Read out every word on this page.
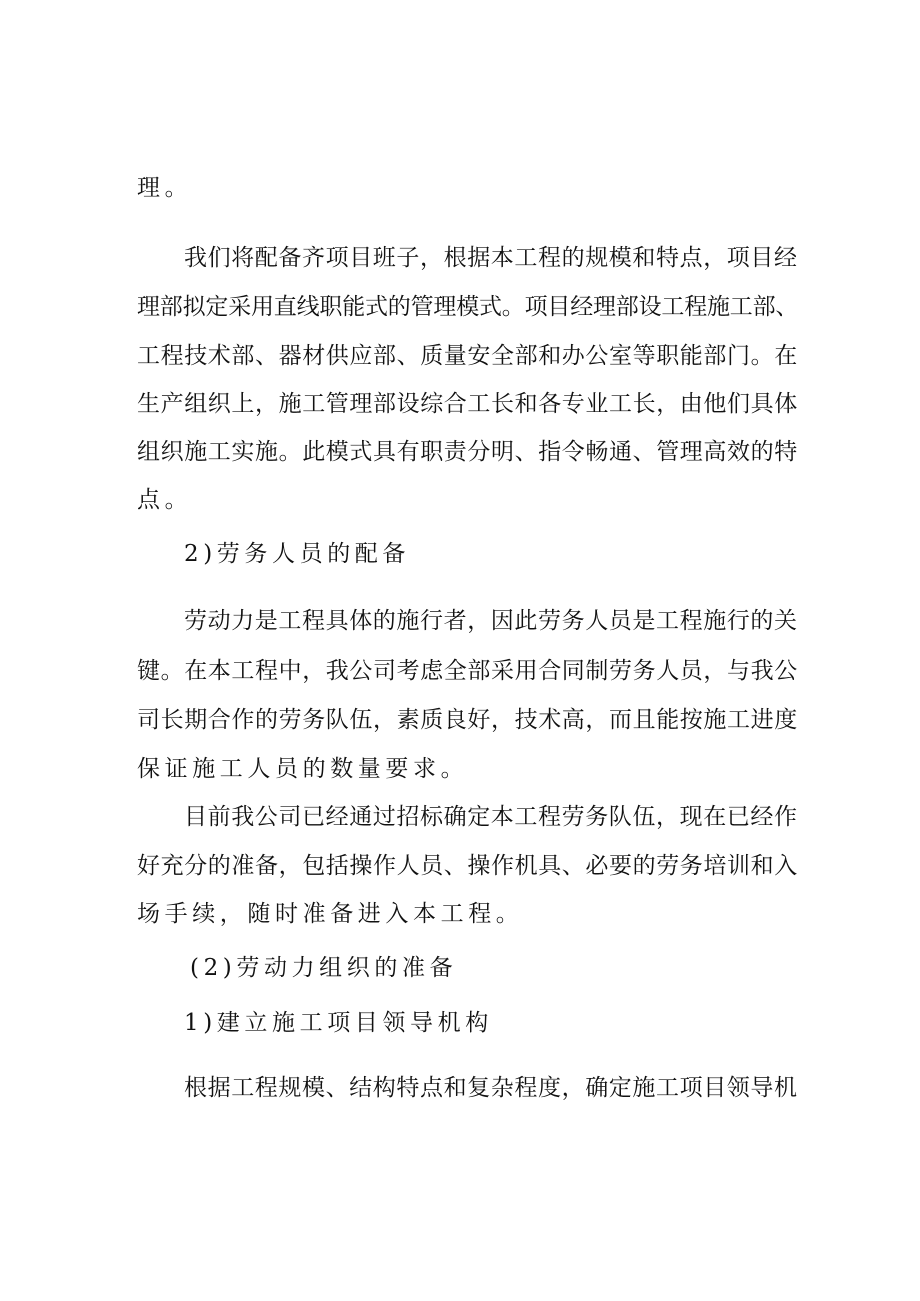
理。
我们将配备齐项目班子，根据本工程的规模和特点，项目经
理部拟定采用直线职能式的管理模式。项目经理部设工程施工部、
工程技术部、器材供应部、质量安全部和办公室等职能部门。在
生产组织上，施工管理部设综合工长和各专业工长，由他们具体
组织施工实施。此模式具有职责分明、指令畅通、管理高效的特
点。
2)劳务人员的配备
劳动力是工程具体的施行者，因此劳务人员是工程施行的关
键。在本工程中，我公司考虑全部采用合同制劳务人员，与我公
司长期合作的劳务队伍，素质良好，技术高，而且能按施工进度
保证施工人员的数量要求。
目前我公司已经通过招标确定本工程劳务队伍，现在已经作
好充分的准备，包括操作人员、操作机具、必要的劳务培训和入
场手续，随时准备进入本工程。
(2)劳动力组织的准备
1)建立施工项目领导机构
根据工程规模、结构特点和复杂程度，确定施工项目领导机
